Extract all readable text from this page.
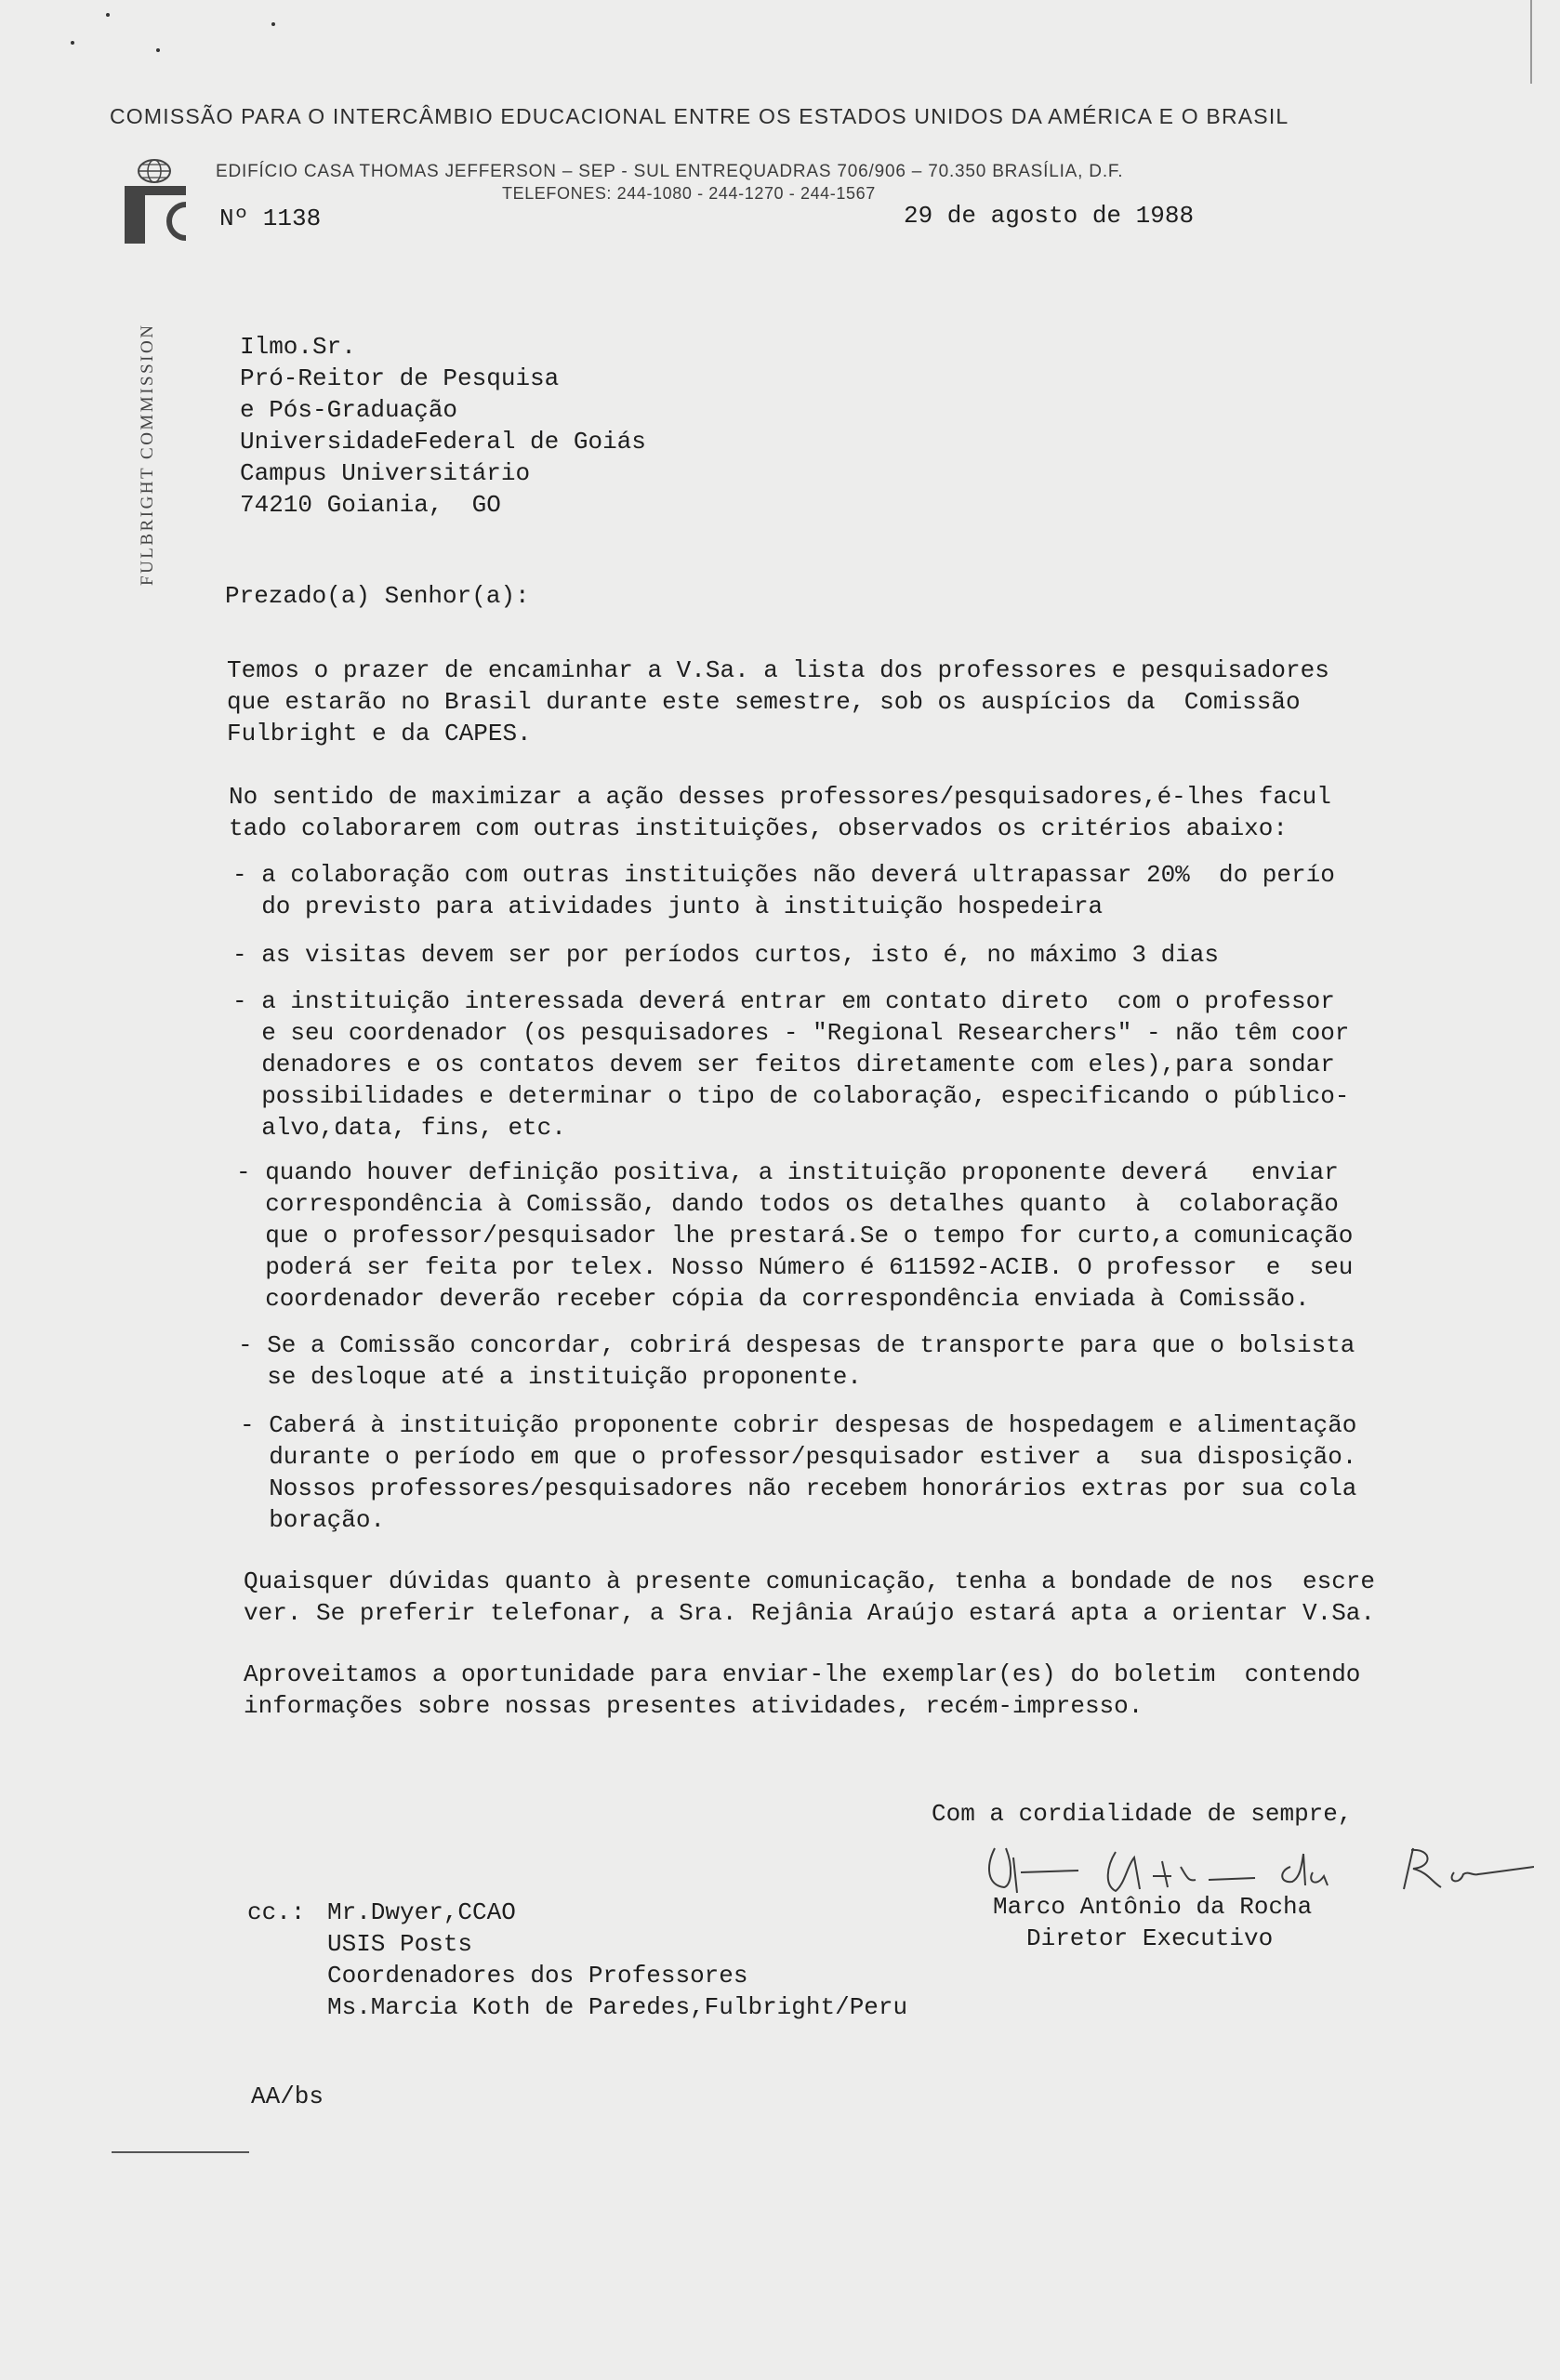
COMISSÃO PARA O INTERCÂMBIO EDUCACIONAL ENTRE OS ESTADOS UNIDOS DA AMÉRICA E O BRASIL
EDIFÍCIO CASA THOMAS JEFFERSON – SEP - SUL ENTREQUADRAS 706/906 – 70.350 BRASÍLIA, D.F.
TELEFONES: 244-1080 - 244-1270 - 244-1567
FULBRIGHT COMMISSION
Nº 1138	29 de agosto de 1988
Ilmo.Sr.
Pró-Reitor de Pesquisa
e Pós-Graduação
UniversidadeFederal de Goiás
Campus Universitário
74210 Goiania,  GO
Prezado(a) Senhor(a):
Temos o prazer de encaminhar a V.Sa. a lista dos professores e pesquisadores
que estarão no Brasil durante este semestre, sob os auspícios da  Comissão
Fulbright e da CAPES.
No sentido de maximizar a ação desses professores/pesquisadores,é-lhes facul
tado colaborarem com outras instituições, observados os critérios abaixo:
- a colaboração com outras instituições não deverá ultrapassar 20%  do perío
do previsto para atividades junto à instituição hospedeira
- as visitas devem ser por períodos curtos, isto é, no máximo 3 dias
- a instituição interessada deverá entrar em contato direto  com o professor
e seu coordenador (os pesquisadores - "Regional Researchers" - não têm coor
denadores e os contatos devem ser feitos diretamente com eles),para sondar
possibilidades e determinar o tipo de colaboração, especificando o público-
alvo,data, fins, etc.
- quando houver definição positiva, a instituição proponente deverá   enviar
correspondência à Comissão, dando todos os detalhes quanto  à  colaboração
que o professor/pesquisador lhe prestará.Se o tempo for curto,a comunicação
poderá ser feita por telex. Nosso Número é 611592-ACIB. O professor  e  seu
coordenador deverão receber cópia da correspondência enviada à Comissão.
- Se a Comissão concordar, cobrirá despesas de transporte para que o bolsista
se desloque até a instituição proponente.
- Caberá à instituição proponente cobrir despesas de hospedagem e alimentação
durante o período em que o professor/pesquisador estiver a  sua disposição.
Nossos professores/pesquisadores não recebem honorários extras por sua cola
boração.
Quaisquer dúvidas quanto à presente comunicação, tenha a bondade de nos  escre
ver. Se preferir telefonar, a Sra. Rejânia Araújo estará apta a orientar V.Sa.
Aproveitamos a oportunidade para enviar-lhe exemplar(es) do boletim  contendo
informações sobre nossas presentes atividades, recém-impresso.
Com a cordialidade de sempre,
Marco Antônio da Rocha
Diretor Executivo
cc.: Mr.Dwyer,CCAO
USIS Posts
Coordenadores dos Professores
Ms.Marcia Koth de Paredes,Fulbright/Peru
AA/bs
